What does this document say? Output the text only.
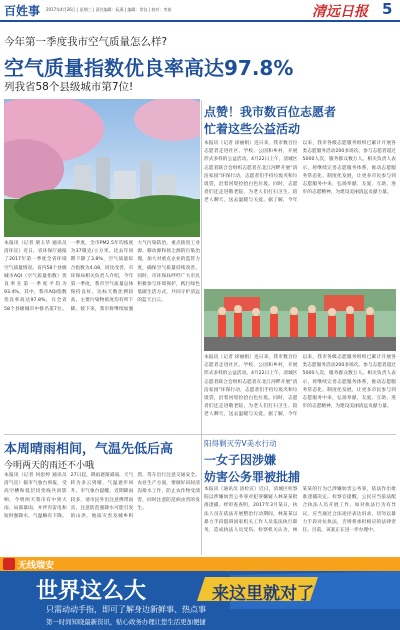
百姓事 2017年4月26日 | 星期三 | 责任编辑：阮燕 | 编辑：常钰 | 校对：李岚	清远日报 5
今年第一季度我市空气质量怎么样?
空气质量指数优良率高达97.8%
列我省58个县级城市第7位!
本报讯（记者 梁玉华 通讯员 清环宣）近日，省环保厅通报了2017年第一季度全省环境空气质量情况。省内58个县级城市AQI（空气质量指数）优良率在第一季度平均为93.4%，其中，我市AQI指数优良率高达97.8%，在全省58个县级城市中排名第7位。一季度，全市PM2.5年均浓度为37微克/立方米，比去年同期下降了3.8%，空气质量综合指数为4.08，同比改善。市环保局相关负责人介绍，今年第一季度，我市空气质量总体保持良好，达标天数比例较高，主要污染物浓度均有所下降。接下来，我市将继续加强大气污染防治，重点推进工业源、移动源和扬尘源的污染治理，加大对重点企业的监管力度，确保空气质量持续改善。同时，市环保局呼吁广大市民积极参与环境保护，践行绿色低碳生活方式，共同守护清远的蓝天白云。
点赞！我市数百位志愿者
忙着这些公益活动
本报讯（记者 徐丽娟）连日来，我市数百位志愿者走进社区、学校、公园和乡村，开展形式多样的公益活动。4月22日上午，清城区志愿者联合会组织志愿者在北江河畔开展“清洁家园”环保行动，志愿者们手持垃圾夹和垃圾袋，沿着河堤捡拾白色垃圾。同时，志愿者们还走进敬老院，为老人们打扫卫生、陪老人聊天，送去温暖与关爱。据了解，今年以来，我市各级志愿服务组织已累计开展各类志愿服务活动200多场次，参与志愿者超过5000人次，服务群众数万人。相关负责人表示，将继续完善志愿服务体系，推动志愿服务常态化、制度化发展，让更多市民参与到志愿服务中来，弘扬奉献、友爱、互助、进步的志愿精神，为建设美丽清远贡献力量。
本报讯（记者 徐丽娟）连日来，我市数百位志愿者走进社区、学校、公园和乡村，开展形式多样的公益活动。4月22日上午，清城区志愿者联合会组织志愿者在北江河畔开展“清洁家园”环保行动，志愿者们手持垃圾夹和垃圾袋，沿着河堤捡拾白色垃圾。同时，志愿者们还走进敬老院，为老人们打扫卫生、陪老人聊天，送去温暖与关爱。据了解，今年以来，我市各级志愿服务组织已累计开展各类志愿服务活动200多场次，参与志愿者超过5000人次，服务群众数万人。相关负责人表示，将继续完善志愿服务体系，推动志愿服务常态化、制度化发展，让更多市民参与到志愿服务中来，弘扬奉献、友爱、互助、进步的志愿精神，为建设美丽清远贡献力量。
本周晴雨相间，气温先低后高
今明两天的雨还不小哦
本报讯（记者 何思婷 通讯员 清气宣）据市气象台预报，受高空槽和低层切变线共同影响，今明两天我市有中到大雨、局部暴雨，并伴有雷电和短时强降水，气温略有下降。27日起，降雨逐渐减弱，天气转为多云到晴，气温逐步回升。市气象台提醒，近期降雨较多，请市民外出注意携带雨具，注意防范强降水可能引发的山洪、地质灾害及城乡积涝，驾车出行注意交通安全。农业生产方面，要做好田间清沟排水工作，防止农作物受渍害，同时注意防范病虫害的发生。
阳得剿灭劳V美水行动
一女子因涉嫌
妨害公务罪被批捕
本报讯（通讯员 清检宣）近日，清城区检察院以涉嫌妨害公务罪对犯罪嫌疑人林某某批准逮捕。经审查查明，2017年3月某日，执法人员在依法开展整治行动期间，林某某以暴力手段阻碍国家机关工作人员依法执行职务，造成执法人员受伤。检察机关认为，林某某的行为已涉嫌妨害公务罪，依法作出批准逮捕决定。检察官提醒，公民应当依法配合执法人员开展工作，如对执法行为有异议，应当通过合法途径表达诉求，切勿以暴力手段对抗执法，否则将承担相应的法律责任。目前，该案正在进一步办理中。
无线瑞安
世界这么大	来这里就对了
只需动动手指，即可了解身边新鲜事、热点事
第一时间知晓最新资讯，贴心政务办理让您生活更加便捷
